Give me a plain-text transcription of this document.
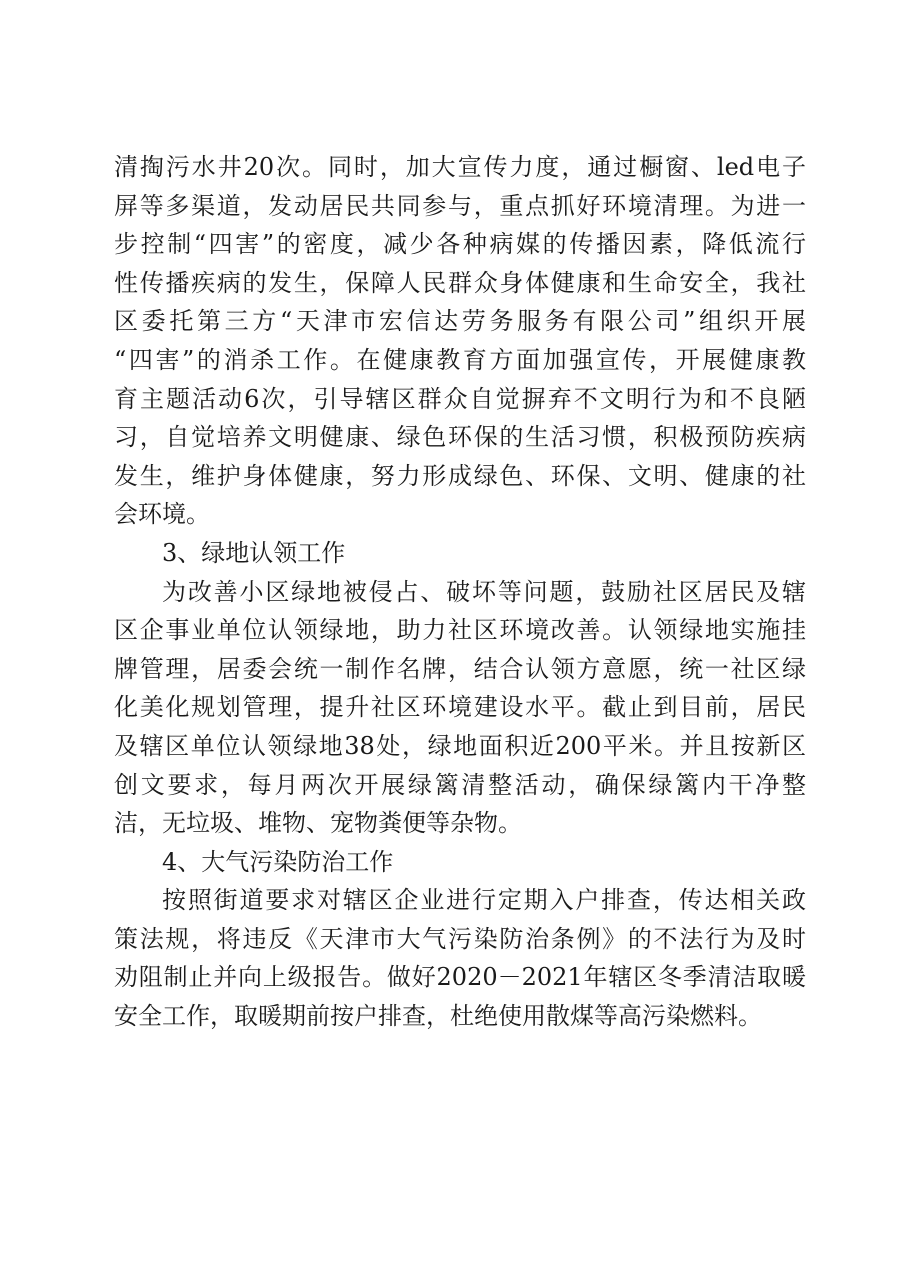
清掏污水井20次。同时，加大宣传力度，通过橱窗、led电子
屏等多渠道，发动居民共同参与，重点抓好环境清理。为进一
步控制“四害”的密度，减少各种病媒的传播因素，降低流行
性传播疾病的发生，保障人民群众身体健康和生命安全，我社
区委托第三方“天津市宏信达劳务服务有限公司”组织开展
“四害”的消杀工作。在健康教育方面加强宣传，开展健康教
育主题活动6次，引导辖区群众自觉摒弃不文明行为和不良陋
习，自觉培养文明健康、绿色环保的生活习惯，积极预防疾病
发生，维护身体健康，努力形成绿色、环保、文明、健康的社
会环境。
3、绿地认领工作
为改善小区绿地被侵占、破坏等问题，鼓励社区居民及辖
区企事业单位认领绿地，助力社区环境改善。认领绿地实施挂
牌管理，居委会统一制作名牌，结合认领方意愿，统一社区绿
化美化规划管理，提升社区环境建设水平。截止到目前，居民
及辖区单位认领绿地38处，绿地面积近200平米。并且按新区
创文要求，每月两次开展绿篱清整活动，确保绿篱内干净整
洁，无垃圾、堆物、宠物粪便等杂物。
4、大气污染防治工作
按照街道要求对辖区企业进行定期入户排查，传达相关政
策法规，将违反《天津市大气污染防治条例》的不法行为及时
劝阻制止并向上级报告。做好2020－2021年辖区冬季清洁取暖
安全工作，取暖期前按户排查，杜绝使用散煤等高污染燃料。
